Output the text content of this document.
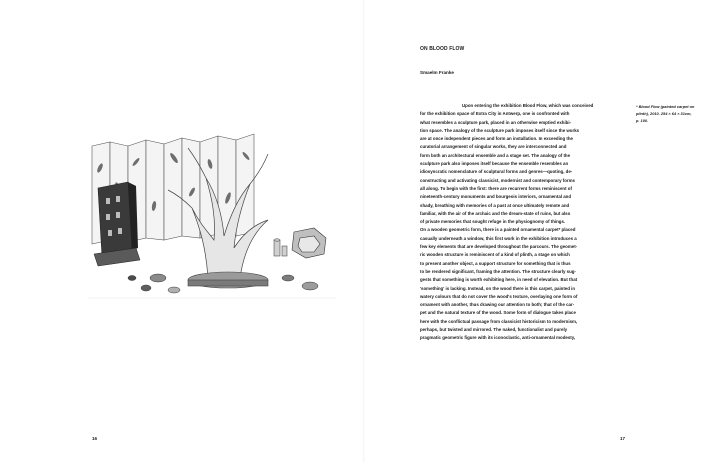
16
ON BLOOD FLOW
Smaelm Franke
Upon entering the exhibition Blood Flow, which was conceived
for the exhibition space of Extra City in Antwerp, one is confronted with
what resembles a sculpture park, placed in an otherwise emptied exhibi-
tion space. The analogy of the sculpture park imposes itself since the works
are at once independent pieces and form an installation. In exceeding the
curatorial arrangement of singular works, they are interconnected and
form both an architectural ensemble and a stage set. The analogy of the
sculpture park also imposes itself because the ensemble resembles an
idiosyncratic nomenclature of sculptural forms and genres—quoting, de-
constructing and activating classicist, modernist and contemporary forms
all along. To begin with the first: there are recurrent forms reminiscent of
nineteenth-century monuments and bourgeois interiors, ornamental and
shady, breathing with memories of a past at once ultimately remote and
familiar, with the air of the archaic and the dream-state of ruins, but also
of private memories that sought refuge in the physiognomy of things.
On a wooden geometric form, there is a painted ornamental carpet* placed
casually underneath a window, this first work in the exhibition introduces a
few key elements that are developed throughout the parcours. The geomet-
ric wooden structure is reminiscent of a kind of plinth, a stage on which
to present another object, a support structure for something that is thus
to be rendered significant, framing the attention. The structure clearly sug-
gests that something is worth exhibiting here, in need of elevation. But that
'something' is lacking. Instead, on the wood there is this carpet, painted in
watery colours that do not cover the wood's texture, overlaying one form of
ornament with another, thus drawing our attention to both; that of the car-
pet and the natural texture of the wood. Some form of dialogue takes place
here with the conflictual passage from classicist historicism to modernism,
perhaps, but twisted and mirrored. The naked, functionalist and purely
pragmatic geometric figure with its iconoclastic, anti-ornamental modesty,
* Blood Flow (painted carpet on
plinth), 2010. 254 × 64 × 31cm,
p. 100.
17
